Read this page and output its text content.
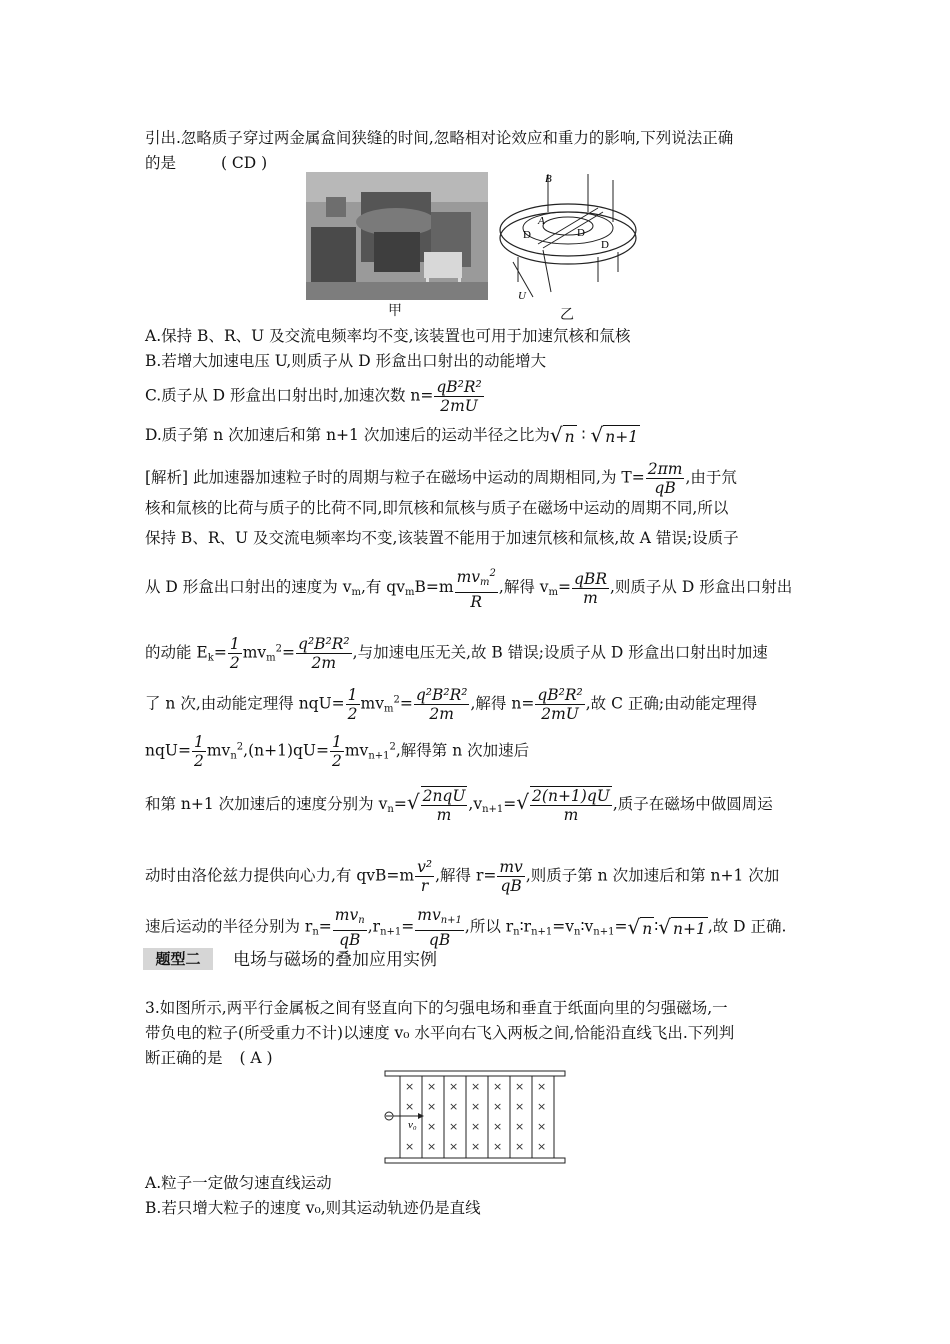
引出.忽略质子穿过两金属盒间狭缝的时间,忽略相对论效应和重力的影响,下列说法正确
的是	( CD )
B
A
D	D
D
U
甲	乙
A.保持 B、R、U 及交流电频率均不变,该装置也可用于加速氘核和氚核
B.若增大加速电压 U,则质子从 D 形盒出口射出的动能增大
C.质子从 D 形盒出口射出时,加速次数 $n= \frac{\text{qB²R²}}{2mU}$
D.质子第 n 次加速后和第 n+1 次加速后的运动半径之比为√ n ∶ √ n+1
[解析] 此加速器加速粒子时的周期与粒子在磁场中运动的周期相同,为 $T= \frac{2\pi m}{qB}$ ,由于氘
核和氚核的比荷与质子的比荷不同,即氘核和氚核与质子在磁场中运动的周期不同,所以
保持 B、R、U 及交流电频率均不变,该装置不能用于加速氘核和氚核,故 A 错误;设质子
从 D 形盒出口射出的速度为 $v_m$,有 $qv_mB=m \frac{mv_m^2}{R}$ ,解得 $v_m= \frac{\text{qBR}}{m}$ ,则质子从 D 形盒出口射出
的动能 $E_k= \frac{1}{2} mv_m^2= \frac{\text{q²B²R²}}{2m}$ ,与加速电压无关,故 B 错误;设质子从 D 形盒出口射出时加速
了 n 次,由动能定理得 $nqU= \frac{1}{2} mv_m^2= \frac{\text{q²B²R²}}{2m}$ ,解得 $n= \frac{\text{qB²R²}}{2mU}$ ,故 C 正确;由动能定理得
$nqU= \frac{1}{2} mv_n^2,(n+1)qU= \frac{1}{2} mv_{n+1}^2$,解得第 n 次加速后
和第 n+1 次加速后的速度分别为 $v_n=√ \frac{\text{2nqU}}{m} ,v_{n+1}=√ \frac{2(n+1)qU}{m}$ ,质子在磁场中做圆周运
动时由洛伦兹力提供向心力,有 $qvB=m \frac{\text{v²}}{r}$ ,解得 $r= \frac{mv}{qB}$ ,则质子第 n 次加速后和第 n+1 次加
速后运动的半径分别为 $r_n= \frac{mv_n}{qB} ,r_{n+1}= \frac{mv_{n+1}}{qB}$ ,所以 $r_n∶r_{n+1}=v_n∶v_{n+1}=√$ n ∶√ n+1 ,故 D 正确.
题型二	电场与磁场的叠加应用实例
3.如图所示,两平行金属板之间有竖直向下的匀强电场和垂直于纸面向里的匀强磁场,一
带负电的粒子(所受重力不计)以速度 v₀ 水平向右飞入两板之间,恰能沿直线飞出.下列判
断正确的是 ( A )
× × × × × × ×
× × × × × × ×
× × × × × ×
× × × × × × ×
v₀
A.粒子一定做匀速直线运动
B.若只增大粒子的速度 v₀,则其运动轨迹仍是直线
